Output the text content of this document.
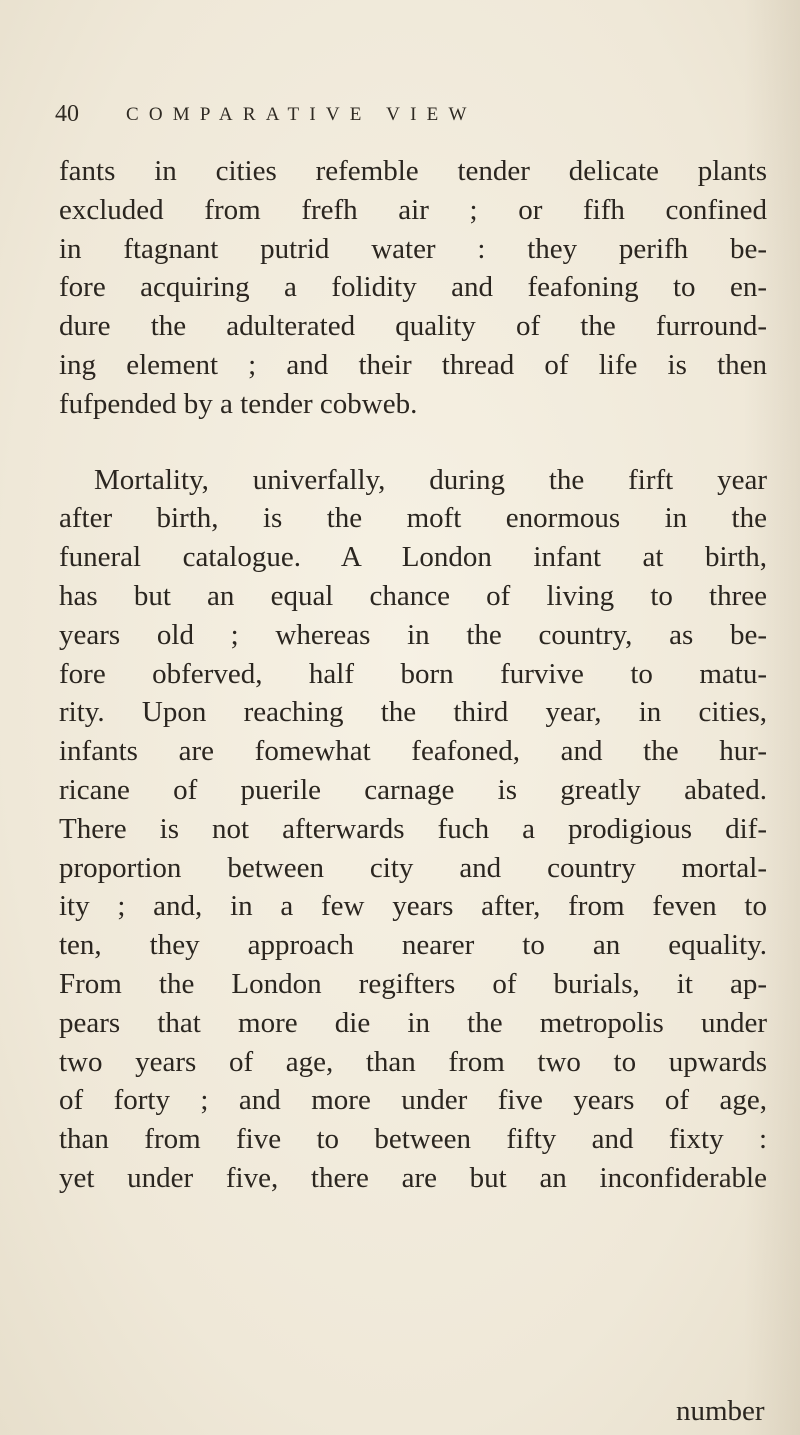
40 COMPARATIVE VIEW
fants in cities refemble tender delicate plants
excluded from frefh air ; or fifh confined
in ftagnant putrid water : they perifh be-
fore acquiring a folidity and feafoning to en-
dure the adulterated quality of the furround-
ing element ; and their thread of life is then
fufpended by a tender cobweb.
Mortality, univerfally, during the firft year
after birth, is the moft enormous in the
funeral catalogue. A London infant at birth,
has but an equal chance of living to three
years old ; whereas in the country, as be-
fore obferved, half born furvive to matu-
rity. Upon reaching the third year, in cities,
infants are fomewhat feafoned, and the hur-
ricane of puerile carnage is greatly abated.
There is not afterwards fuch a prodigious dif-
proportion between city and country mortal-
ity ; and, in a few years after, from feven to
ten, they approach nearer to an equality.
From the London regifters of burials, it ap-
pears that more die in the metropolis under
two years of age, than from two to upwards
of forty ; and more under five years of age,
than from five to between fifty and fixty :
yet under five, there are but an inconfiderable
number
